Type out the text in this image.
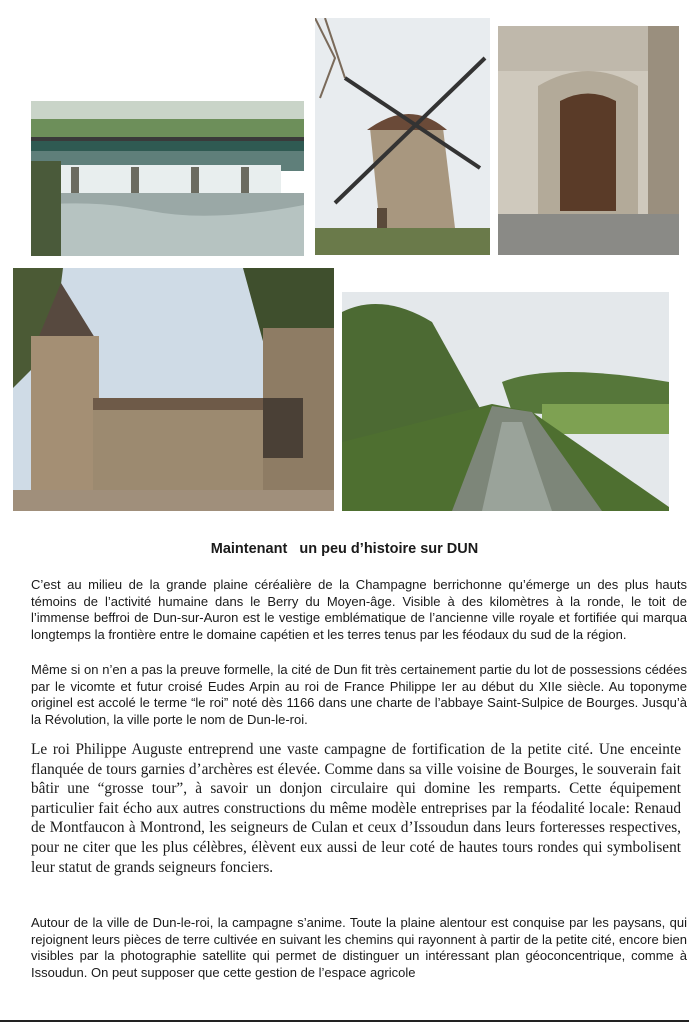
Maintenant   un peu d’histoire sur DUN

C’est au milieu de la grande plaine céréalière de la Champagne berrichonne qu’émerge un des plus hauts témoins de l’activité humaine dans le Berry du Moyen-âge. Visible à des kilomètres à la ronde, le toit de l’immense beffroi de Dun-sur-Auron est le vestige emblématique de l’ancienne ville royale et fortifiée qui marqua longtemps la frontière entre le domaine capétien et les terres tenus par les féodaux du sud de la région.

Même si on n’en a pas la preuve formelle, la cité de Dun fit très certainement partie du lot de possessions cédées par le vicomte et futur croisé Eudes Arpin au roi de France Philippe Ier au début du XIIe siècle. Au toponyme originel est accolé le terme “le roi” noté dès 1166 dans une charte de l’abbaye Saint-Sulpice de Bourges. Jusqu’à la Révolution, la ville porte le nom de Dun-le-roi.

Le roi Philippe Auguste entreprend une vaste campagne de fortification de la petite cité. Une enceinte flanquée de tours garnies d’archères est élevée. Comme dans sa ville voisine de Bourges, le souverain fait bâtir une “grosse tour”, à savoir un donjon circulaire qui domine les remparts. Cette équipement particulier fait écho aux autres constructions du même modèle entreprises par la féodalité locale: Renaud de Montfaucon à Montrond, les seigneurs de Culan et ceux d’Issoudun dans leurs forteresses respectives, pour ne citer que les plus célèbres, élèvent eux aussi de leur coté de hautes tours rondes qui symbolisent leur statut de grands seigneurs fonciers.

Autour de la ville de Dun-le-roi, la campagne s’anime. Toute la plaine alentour est conquise par les paysans, qui rejoignent leurs pièces de terre cultivée en suivant les chemins qui rayonnent à partir de la petite cité, encore bien visibles par la photographie satellite qui permet de distinguer un intéressant plan géoconcentrique, comme à Issoudun. On peut supposer que cette gestion de l’espace agricole
